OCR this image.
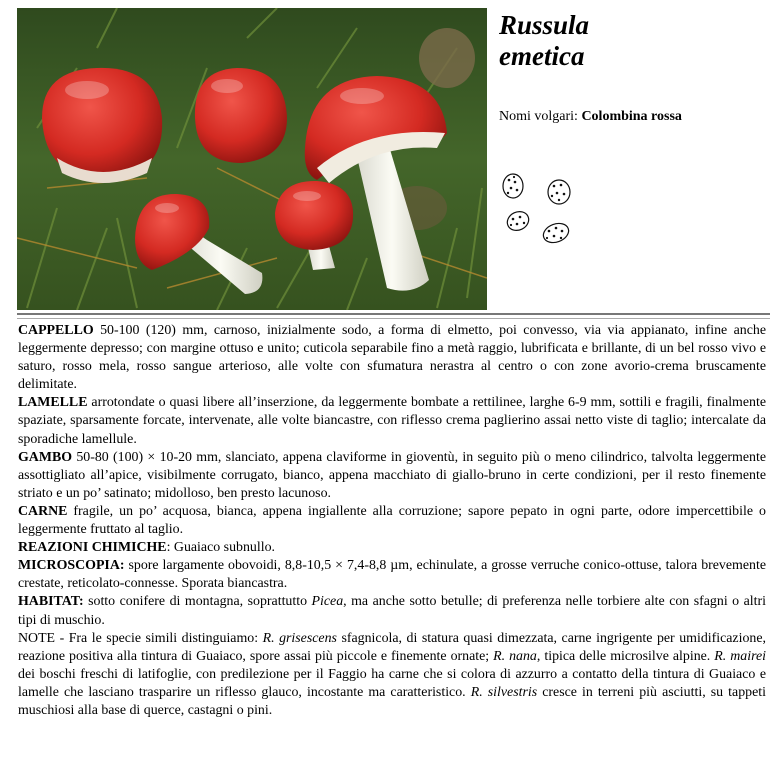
Russula
emetica
Nomi volgari: Colombina rossa

CAPPELLO 50-100 (120) mm, carnoso, inizialmente sodo, a forma di elmetto, poi convesso, via via appianato, infine anche leggermente depresso; con margine ottuso e unito; cuticola separabile fino a metà raggio, lubrificata e brillante, di un bel rosso vivo e saturo, rosso mela, rosso sangue arterioso, alle volte con sfumatura nerastra al centro o con zone avorio-crema bruscamente delimitate.

LAMELLE arrotondate o quasi libere all’inserzione, da leggermente bombate a rettilinee, larghe 6-9 mm, sottili e fragili, finalmente spaziate, sparsamente forcate, intervenate, alle volte biancastre, con riflesso crema paglierino assai netto viste di taglio; intercalate da sporadiche lamellule.

GAMBO 50-80 (100) × 10-20 mm, slanciato, appena claviforme in gioventù, in seguito più o meno cilindrico, talvolta leggermente assottigliato all’apice, visibilmente corrugato, bianco, appena macchiato di giallo-bruno in certe condizioni, per il resto finemente striato e un po’ satinato; midolloso, ben presto lacunoso.

CARNE fragile, un po’ acquosa, bianca, appena ingiallente alla corruzione; sapore pepato in ogni parte, odore impercettibile o leggermente fruttato al taglio.

REAZIONI CHIMICHE: Guaiaco subnullo.

MICROSCOPIA: spore largamente obovoidi, 8,8-10,5 × 7,4-8,8 µm, echinulate, a grosse verruche conico-ottuse, talora brevemente crestate, reticolato-connesse. Sporata biancastra.

HABITAT: sotto conifere di montagna, soprattutto Picea, ma anche sotto betulle; di preferenza nelle torbiere alte con sfagni o altri tipi di muschio.

NOTE - Fra le specie simili distinguiamo: R. grisescens sfagnicola, di statura quasi dimezzata, carne ingrigente per umidificazione, reazione positiva alla tintura di Guaiaco, spore assai più piccole e finemente ornate; R. nana, tipica delle microsilve alpine. R. mairei dei boschi freschi di latifoglie, con predilezione per il Faggio ha carne che si colora di azzurro a contatto della tintura di Guaiaco e lamelle che lasciano trasparire un riflesso glauco, incostante ma caratteristico. R. silvestris cresce in terreni più asciutti, su tappeti muschiosi alla base di querce, castagni o pini.
